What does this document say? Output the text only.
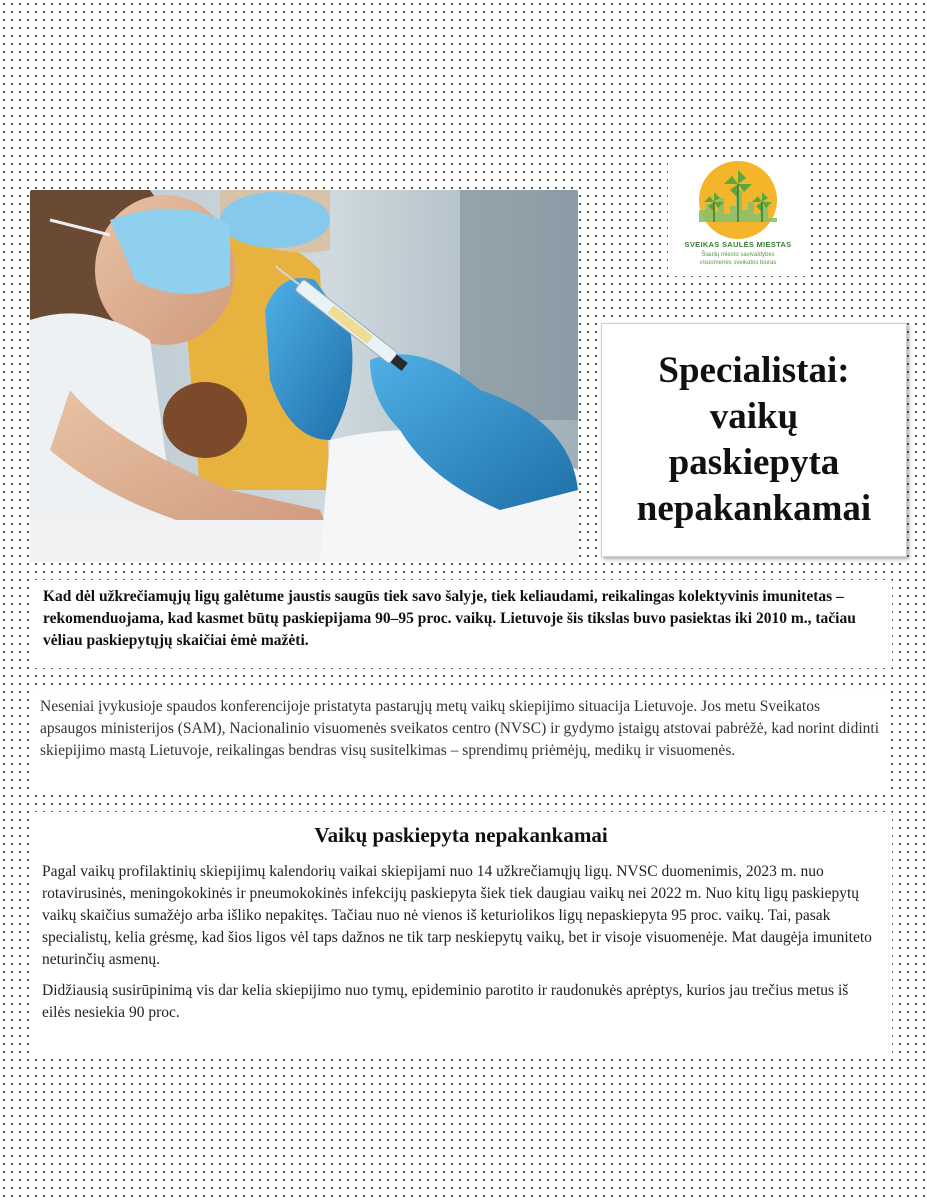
SVEIKAS SAULĖS MIESTAS
Šiaulių miesto savivaldybės
visuomenės sveikatos biuras
Specialistai:
vaikų
paskiepyta
nepakankamai

Kad dėl užkrečiamųjų ligų galėtume jaustis saugūs tiek savo šalyje, tiek keliaudami, reikalingas kolektyvinis imunitetas – rekomenduojama, kad kasmet būtų paskiepijama 90–95 proc. vaikų. Lietuvoje šis tikslas buvo pasiektas iki 2010 m., tačiau vėliau paskiepytųjų skaičiai ėmė mažėti.

Neseniai įvykusioje spaudos konferencijoje pristatyta pastarųjų metų vaikų skiepijimo situacija Lietuvoje. Jos metu Sveikatos apsaugos ministerijos (SAM), Nacionalinio visuomenės sveikatos centro (NVSC) ir gydymo įstaigų atstovai pabrėžė, kad norint didinti skiepijimo mastą Lietuvoje, reikalingas bendras visų susitelkimas – sprendimų priėmėjų, medikų ir visuomenės.

Vaikų paskiepyta nepakankamai

Pagal vaikų profilaktinių skiepijimų kalendorių vaikai skiepijami nuo 14 užkrečiamųjų ligų. NVSC duomenimis, 2023 m. nuo rotavirusinės, meningokokinės ir pneumokokinės infekcijų paskiepyta šiek tiek daugiau vaikų nei 2022 m. Nuo kitų ligų paskiepytų vaikų skaičius sumažėjo arba išliko nepakitęs. Tačiau nuo nė vienos iš keturiolikos ligų nepaskiepyta 95 proc. vaikų. Tai, pasak specialistų, kelia grėsmę, kad šios ligos vėl taps dažnos ne tik tarp neskiepytų vaikų, bet ir visoje visuomenėje. Mat daugėja imuniteto neturinčių asmenų.

Didžiausią susirūpinimą vis dar kelia skiepijimo nuo tymų, epideminio parotito ir raudonukės aprėptys, kurios jau trečius metus iš eilės nesiekia 90 proc.
